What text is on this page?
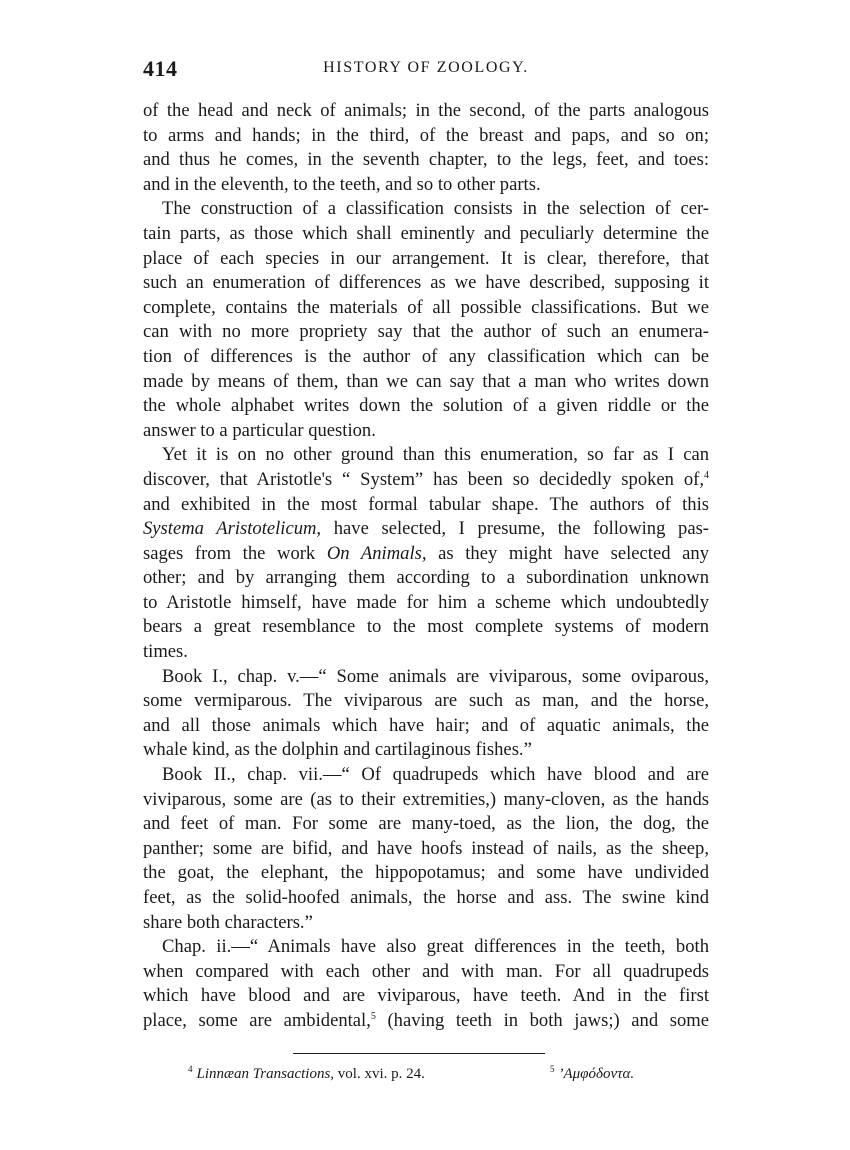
414	HISTORY OF ZOOLOGY.
of the head and neck of animals; in the second, of the parts analogous
to arms and hands; in the third, of the breast and paps, and so on;
and thus he comes, in the seventh chapter, to the legs, feet, and toes:
and in the eleventh, to the teeth, and so to other parts.
The construction of a classification consists in the selection of cer-
tain parts, as those which shall eminently and peculiarly determine the
place of each species in our arrangement. It is clear, therefore, that
such an enumeration of differences as we have described, supposing it
complete, contains the materials of all possible classifications. But we
can with no more propriety say that the author of such an enumera-
tion of differences is the author of any classification which can be
made by means of them, than we can say that a man who writes down
the whole alphabet writes down the solution of a given riddle or the
answer to a particular question.
Yet it is on no other ground than this enumeration, so far as I can
discover, that Aristotle's “ System” has been so decidedly spoken of,$^4$
and exhibited in the most formal tabular shape. The authors of this
Systema Aristotelicum, have selected, I presume, the following pas-
sages from the work On Animals, as they might have selected any
other; and by arranging them according to a subordination unknown
to Aristotle himself, have made for him a scheme which undoubtedly
bears a great resemblance to the most complete systems of modern
times.
Book I., chap. v.—“ Some animals are viviparous, some oviparous,
some vermiparous. The viviparous are such as man, and the horse,
and all those animals which have hair; and of aquatic animals, the
whale kind, as the dolphin and cartilaginous fishes.”
Book II., chap. vii.—“ Of quadrupeds which have blood and are
viviparous, some are (as to their extremities,) many-cloven, as the hands
and feet of man. For some are many-toed, as the lion, the dog, the
panther; some are bifid, and have hoofs instead of nails, as the sheep,
the goat, the elephant, the hippopotamus; and some have undivided
feet, as the solid-hoofed animals, the horse and ass. The swine kind
share both characters.”
Chap. ii.—“ Animals have also great differences in the teeth, both
when compared with each other and with man. For all quadrupeds
which have blood and are viviparous, have teeth. And in the first
place, some are ambidental,$^5$ (having teeth in both jaws;) and some
$^4$ Linnæan Transactions, vol. xvi. p. 24.	$^5$ ’Aμφόδοντα.
